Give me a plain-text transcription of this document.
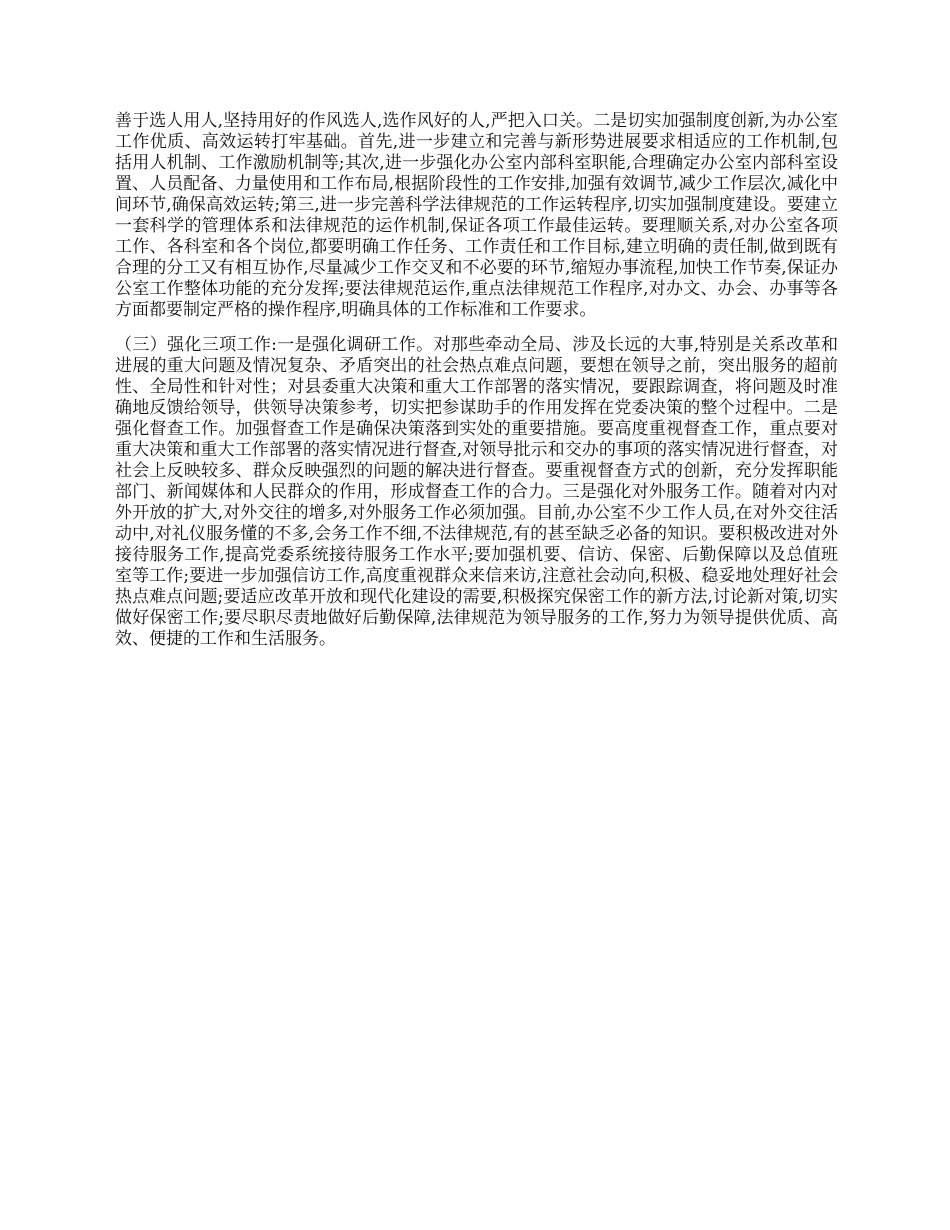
善于选人用人,坚持用好的作风选人,选作风好的人,严把入口关。二是切实加强制度创新,为办公室工作优质、高效运转打牢基础。首先,进一步建立和完善与新形势进展要求相适应的工作机制,包括用人机制、工作激励机制等;其次,进一步强化办公室内部科室职能,合理确定办公室内部科室设置、人员配备、力量使用和工作布局,根据阶段性的工作安排,加强有效调节,减少工作层次,减化中间环节,确保高效运转;第三,进一步完善科学法律规范的工作运转程序,切实加强制度建设。要建立一套科学的管理体系和法律规范的运作机制,保证各项工作最佳运转。要理顺关系,对办公室各项工作、各科室和各个岗位,都要明确工作任务、工作责任和工作目标,建立明确的责任制,做到既有合理的分工又有相互协作,尽量减少工作交叉和不必要的环节,缩短办事流程,加快工作节奏,保证办公室工作整体功能的充分发挥;要法律规范运作,重点法律规范工作程序,对办文、办会、办事等各方面都要制定严格的操作程序,明确具体的工作标准和工作要求。

（三）强化三项工作:一是强化调研工作。对那些牵动全局、涉及长远的大事,特别是关系改革和进展的重大问题及情况复杂、矛盾突出的社会热点难点问题，要想在领导之前，突出服务的超前性、全局性和针对性；对县委重大决策和重大工作部署的落实情况，要跟踪调查，将问题及时准确地反馈给领导，供领导决策参考，切实把参谋助手的作用发挥在党委决策的整个过程中。二是强化督查工作。加强督查工作是确保决策落到实处的重要措施。要高度重视督查工作，重点要对重大决策和重大工作部署的落实情况进行督查,对领导批示和交办的事项的落实情况进行督查，对社会上反映较多、群众反映强烈的问题的解决进行督查。要重视督查方式的创新，充分发挥职能部门、新闻媒体和人民群众的作用，形成督查工作的合力。三是强化对外服务工作。随着对内对外开放的扩大,对外交往的增多,对外服务工作必须加强。目前,办公室不少工作人员,在对外交往活动中,对礼仪服务懂的不多,会务工作不细,不法律规范,有的甚至缺乏必备的知识。要积极改进对外接待服务工作,提高党委系统接待服务工作水平;要加强机要、信访、保密、后勤保障以及总值班室等工作;要进一步加强信访工作,高度重视群众来信来访,注意社会动向,积极、稳妥地处理好社会热点难点问题;要适应改革开放和现代化建设的需要,积极探究保密工作的新方法,讨论新对策,切实做好保密工作;要尽职尽责地做好后勤保障,法律规范为领导服务的工作,努力为领导提供优质、高效、便捷的工作和生活服务。
